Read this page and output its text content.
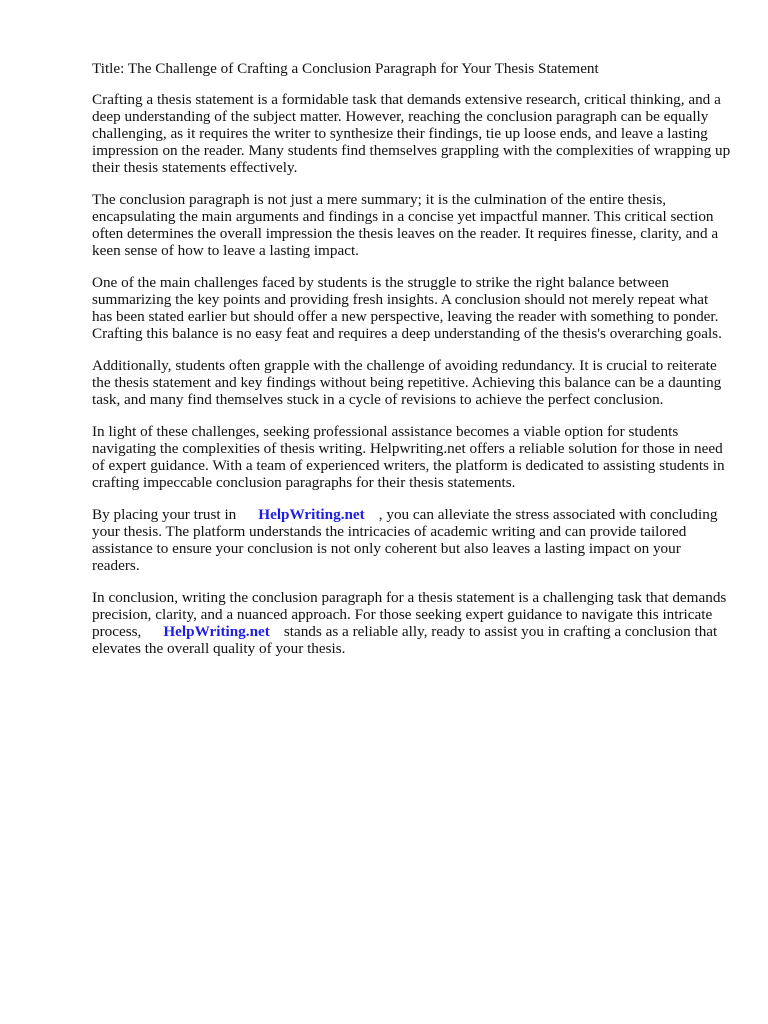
Title: The Challenge of Crafting a Conclusion Paragraph for Your Thesis Statement

Crafting a thesis statement is a formidable task that demands extensive research, critical thinking, and a deep understanding of the subject matter. However, reaching the conclusion paragraph can be equally challenging, as it requires the writer to synthesize their findings, tie up loose ends, and leave a lasting impression on the reader. Many students find themselves grappling with the complexities of wrapping up their thesis statements effectively.

The conclusion paragraph is not just a mere summary; it is the culmination of the entire thesis, encapsulating the main arguments and findings in a concise yet impactful manner. This critical section often determines the overall impression the thesis leaves on the reader. It requires finesse, clarity, and a keen sense of how to leave a lasting impact.

One of the main challenges faced by students is the struggle to strike the right balance between summarizing the key points and providing fresh insights. A conclusion should not merely repeat what has been stated earlier but should offer a new perspective, leaving the reader with something to ponder. Crafting this balance is no easy feat and requires a deep understanding of the thesis's overarching goals.

Additionally, students often grapple with the challenge of avoiding redundancy. It is crucial to reiterate the thesis statement and key findings without being repetitive. Achieving this balance can be a daunting task, and many find themselves stuck in a cycle of revisions to achieve the perfect conclusion.

In light of these challenges, seeking professional assistance becomes a viable option for students navigating the complexities of thesis writing. Helpwriting.net offers a reliable solution for those in need of expert guidance. With a team of experienced writers, the platform is dedicated to assisting students in crafting impeccable conclusion paragraphs for their thesis statements.

By placing your trust in HelpWriting.net , you can alleviate the stress associated with concluding your thesis. The platform understands the intricacies of academic writing and can provide tailored assistance to ensure your conclusion is not only coherent but also leaves a lasting impact on your readers.

In conclusion, writing the conclusion paragraph for a thesis statement is a challenging task that demands precision, clarity, and a nuanced approach. For those seeking expert guidance to navigate this intricate process, HelpWriting.net stands as a reliable ally, ready to assist you in crafting a conclusion that elevates the overall quality of your thesis.
